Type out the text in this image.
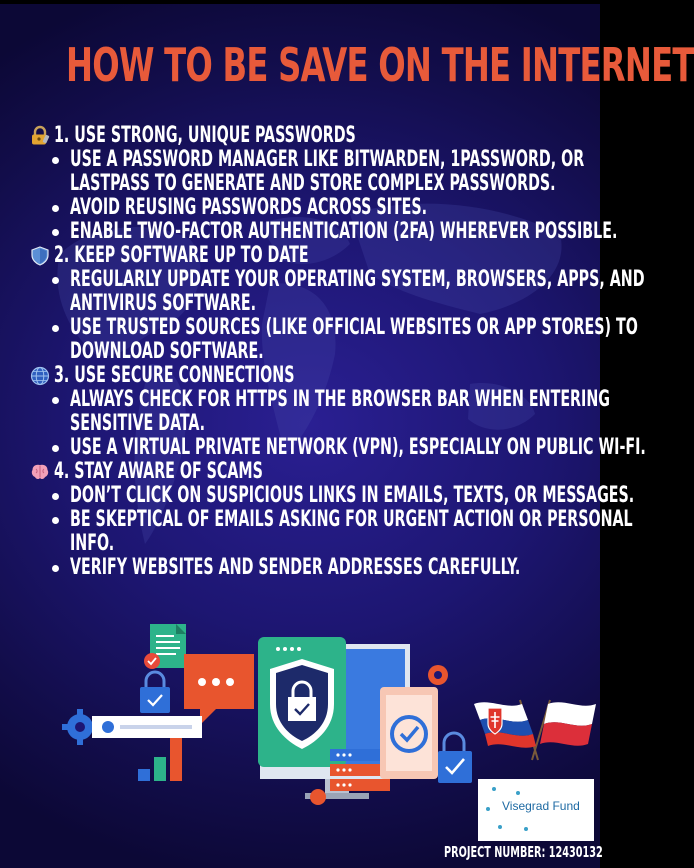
HOW TO BE SAVE ON THE INTERNET
1. USE STRONG, UNIQUE PASSWORDS
USE A PASSWORD MANAGER LIKE BITWARDEN, 1PASSWORD, OR
LASTPASS TO GENERATE AND STORE COMPLEX PASSWORDS.
AVOID REUSING PASSWORDS ACROSS SITES.
ENABLE TWO-FACTOR AUTHENTICATION (2FA) WHEREVER POSSIBLE.
2. KEEP SOFTWARE UP TO DATE
REGULARLY UPDATE YOUR OPERATING SYSTEM, BROWSERS, APPS, AND
ANTIVIRUS SOFTWARE.
USE TRUSTED SOURCES (LIKE OFFICIAL WEBSITES OR APP STORES) TO
DOWNLOAD SOFTWARE.
3. USE SECURE CONNECTIONS
ALWAYS CHECK FOR HTTPS IN THE BROWSER BAR WHEN ENTERING
SENSITIVE DATA.
USE A VIRTUAL PRIVATE NETWORK (VPN), ESPECIALLY ON PUBLIC WI-FI.
4. STAY AWARE OF SCAMS
DON’T CLICK ON SUSPICIOUS LINKS IN EMAILS, TEXTS, OR MESSAGES.
BE SKEPTICAL OF EMAILS ASKING FOR URGENT ACTION OR PERSONAL
INFO.
VERIFY WEBSITES AND SENDER ADDRESSES CAREFULLY.
Visegrad Fund
PROJECT NUMBER: 12430132
